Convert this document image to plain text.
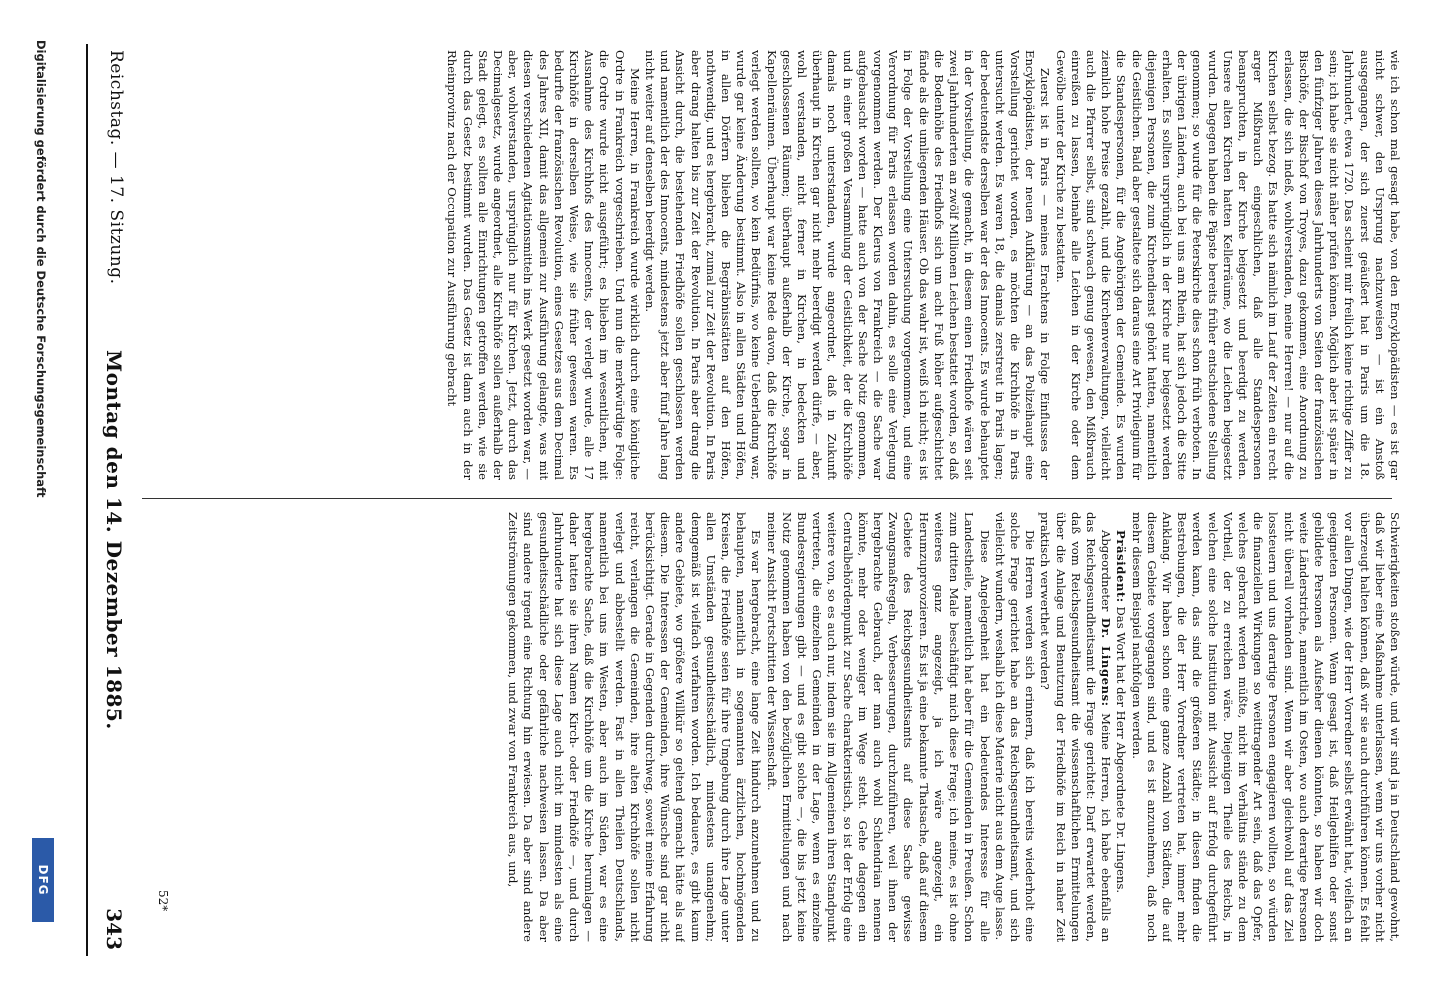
Reichstag. — 17. Sitzung.
Montag den 14. Dezember 1885.
343	Schwierigkeiten stoßen würde, und wir sind ja in Deutschland gewohnt, daß wir lieber eine Maßnahme unterlassen, wenn wir uns vorher nicht überzeugt halten können, daß wir sie auch durchführen können. Es fehlt vor allen Dingen, wie der Herr Vorredner selbst erwähnt hat, vielfach an geeigneten Personen. Wenn gesagt ist, daß Heilgehilfen oder sonst gebildete Personen als Aufseher dienen könnten, so haben wir doch weite Länderstriche, namentlich im Osten, wo auch derartige Personen nicht überall vorhanden sind. Wenn wir aber gleichwohl auf das Ziel lossteuern und uns derartige Personen engagieren wollten, so würden die finanziellen Wirkungen so weittragender Art sein, daß das Opfer, welches gebracht werden müßte, nicht im Verhältnis stände zu dem Vortheil, der zu erreichen wäre. Diejenigen Theile des Reichs, in welchen eine solche Institution mit Aussicht auf Erfolg durchgeführt werden kann, das sind die größeren Städte; in diesen finden die Bestrebungen, die der Herr Vorredner vertreten hat, immer mehr Anklang. Wir haben schon eine ganze Anzahl von Städten, die auf diesem Gebiete vorgegangen sind, und es ist anzunehmen, daß noch mehr diesem Beispiel nachfolgen werden.

Präsident: Das Wort hat der Herr Abgeordnete Dr. Lingens.

Abgeordneter Dr. Lingens: Meine Herren, ich habe ebenfalls an das Reichsgesundheitsamt die Frage gerichtet: Darf erwartet werden, daß vom Reichsgesundheitsamt die wissenschaftlichen Ermittelungen über die Anlage und Benutzung der Friedhöfe im Reich in naher Zeit praktisch verwerthet werden?

Die Herren werden sich erinnern, daß ich bereits wiederholt eine solche Frage gerichtet habe an das Reichsgesundheitsamt, und sich vielleicht wundern, weshalb ich diese Materie nicht aus dem Auge lasse.

Diese Angelegenheit hat ein bedeutendes Interesse für alle Landestheile, namentlich hat aber für die Gemeinden in Preußen. Schon zum dritten Male beschäftigt mich diese Frage; ich meine, es ist ohne weiteres ganz angezeigt, ja ich wäre angezeigt, ein Herumzuprovozieren. Es ist ja eine bekannte Thatsache, daß auf diesem Gebiete des Reichsgesundheitsamts auf diese Sache gewisse Zwangsmaßregeln, Verbesserungen, durchzuführen, weil ihnen der hergebrachte Gebrauch, der man auch wohl Schlendrian nennen könnte, mehr oder weniger im Wege steht. Gehe dagegen ein Centralbehördenpunkt zur Sache charakteristisch, so ist der Erfolg eine weitere von, so es auch nur, indem sie im Allgemeinen ihren Standpunkt vertreten, die einzelnen Gemeinden in der Lage, wenn es einzelne Bundesregierungen gibt — und es gibt solche —, die bis jetzt keine Notiz genommen haben von den bezüglichen Ermittelungen und nach meiner Ansicht Fortschritten der Wissenschaft.

Es war hergebracht, eine lange Zeit hindurch anzunehmen und zu behaupten, namentlich in sogenannten ärztlichen, hochmögenden Kreisen, die Friedhöfe seien für ihre Umgebung durch ihre Lage unter allen Umständen gesundheitsschädlich, mindestens unangenehm; demgemäß ist vielfach verfahren worden. Ich bedauere, es gibt kaum andere Gebiete, wo größere Willkür so geltend gemacht hätte als auf diesem. Die Interessen der Gemeinden, ihre Wünsche sind gar nicht berücksichtigt. Gerade in Gegenden durchweg, soweit meine Erfahrung reicht, verlangen die Gemeinden, ihre alten Kirchhöfe sollen nicht verlegt und abbestellt werden. Fast in allen Theilen Deutschlands, namentlich bei uns im Westen, aber auch im Süden, war es eine hergebrachte Sache, daß die Kirchhöfe um die Kirche herumlagen — daher hatten sie ihren Namen Kirch- oder Friedhöfe —, und durch Jahrhunderte hat sich diese Lage auch nicht im mindesten als eine gesundheitsschädliche oder gefährliche nachweisen lassen. Da aber sind andere irgend eine Richtung hin erwiesen. Da aber sind andere Zeitströmungen gekommen, und zwar von Frankreich aus, und,

wie ich schon mal gesagt habe, von den Encyklopädisten — es ist gar nicht schwer, den Ursprung nachzuweisen — ist ein Anstoß ausgegangen, der sich zuerst geäußert hat in Paris um die 18. Jahrhundert, etwa 1720. Das scheint mir freilich keine richtige Ziffer zu sein; ich habe sie nicht näher prüfen können. Möglich aber ist später in den fünfziger Jahren dieses Jahrhunderts von Seiten der französischen Bischöfe, der Bischof von Troyes, dazu gekommen, eine Anordnung zu erlassen, die sich indeß, wohlverstanden, meine Herren! — nur auf die Kirchen selbst bezog. Es hatte sich nämlich im Lauf der Zeiten ein recht arger Mißbrauch eingeschlichen, daß alle Standespersonen beanspruchten, in der Kirche beigesetzt und beerdigt zu werden. Unsere alten Kirchen hatten Kellerräume, wo die Leichen beigesetzt wurden. Dagegen haben die Päpste bereits früher entschiedene Stellung genommen; so wurde für die Peterskirche dies schon früh verboten. In der übrigen Ländern, auch bei uns am Rhein, hat sich jedoch die Sitte erhalten. Es sollten ursprünglich in der Kirche nur beigesetzt werden diejenigen Personen, die zum Kirchendienst gehört hatten, namentlich die Geistlichen. Bald aber gestaltete sich daraus eine Art Privilegium für die Standespersonen, für die Angehörigen der Gemeinde. Es wurden ziemlich hohe Preise gezahlt, und die Kirchenverwaltungen, vielleicht auch die Pfarrer selbst, sind schwach genug gewesen, den Mißbrauch einreißen zu lassen, beinahe alle Leichen in der Kirche oder dem Gewölbe unter der Kirche zu bestatten.

Zuerst ist in Paris — meines Erachtens in Folge Einflusses der Encyklopädisten, der neuen Aufklärung — an das Polizeihaupt eine Vorstellung gerichtet worden, es möchten die Kirchhöfe in Paris untersucht werden. Es waren 18, die damals zerstreut in Paris lagen; der bedeutendste derselben war der des Innocents. Es wurde behauptet in der Vorstellung, die gemacht, in diesem einen Friedhofe wären seit zwei Jahrhunderten an zwölf Millionen Leichen bestattet worden, so daß die Bodenhöhe des Friedhofs sich um acht Fuß höher aufgeschichtet fände als die umliegenden Häuser. Ob das wahr ist, weiß ich nicht; es ist in Folge der Vorstellung eine Untersuchung vorgenommen, und eine Verordnung für Paris erlassen worden dahin, es solle eine Verlegung vorgenommen werden. Der Klerus von Frankreich — die Sache war aufgebauscht worden — hatte auch von der Sache Notiz genommen, und in einer großen Versammlung der Geistlichkeit, der die Kirchhöfe damals noch unterstanden, wurde angeordnet, daß in Zukunft überhaupt in Kirchen gar nicht mehr beerdigt werden dürfe, — aber, wohl verstanden, nicht ferner in Kirchen, in bedeckten und geschlossenen Räumen; überhaupt außerhalb der Kirche, sogar in Kapellenräumen. Überhaupt war keine Rede davon, daß die Kirchhöfe verlegt werden sollten, wo kein Bedürfnis, wo keine Ueberladung war, wurde gar keine Änderung bestimmt. Also in allen Städten und Höfen, in allen Dörfern blieben die Begräbnisstätten auf den Höfen, nothwendig, und es hergebracht, zumal zur Zeit der Revolution. In Paris aber drang halten bis zur Zeit der Revolution. In Paris aber drang die Ansicht durch, die bestehenden Friedhöfe sollen geschlossen werden und namentlich der des Innocents, mindestens jetzt aber fünf Jahre lang nicht weiter auf denselben beerdigt werden.

Meine Herren, in Frankreich wurde wirklich durch eine königliche Ordre in Frankreich vorgeschrieben. Und nun die merkwürdige Folge: die Ordre wurde nicht ausgeführt; es blieben im wesentlichen, mit Ausnahme des Kirchhofs des Innocents, der verlegt wurde, alle 17 Kirchhöfe in derselben Weise, wie sie früher gewesen waren. Es bedurfte der französischen Revolution, eines Gesetzes aus dem Decimal des Jahres XII, damit das allgemein zur Ausführung gelangte, was mit diesen verschiedenen Agitationsmitteln ins Werk gesetzt worden war, — aber, wohlverstanden, ursprünglich nur für Kirchen. Jetzt, durch das Decimalgesetz, wurde angeordnet, alle Kirchhöfe sollen außerhalb der Stadt gelegt, es sollten alle Einrichtungen getroffen werden, wie sie durch das Gesetz bestimmt wurden. Das Gesetz ist dann auch in der Rheinprovinz nach der Occupation zur Ausführung gebracht

52*
Digitalisierung gefördert durch die Deutsche Forschungsgemeinschaft
DFG
